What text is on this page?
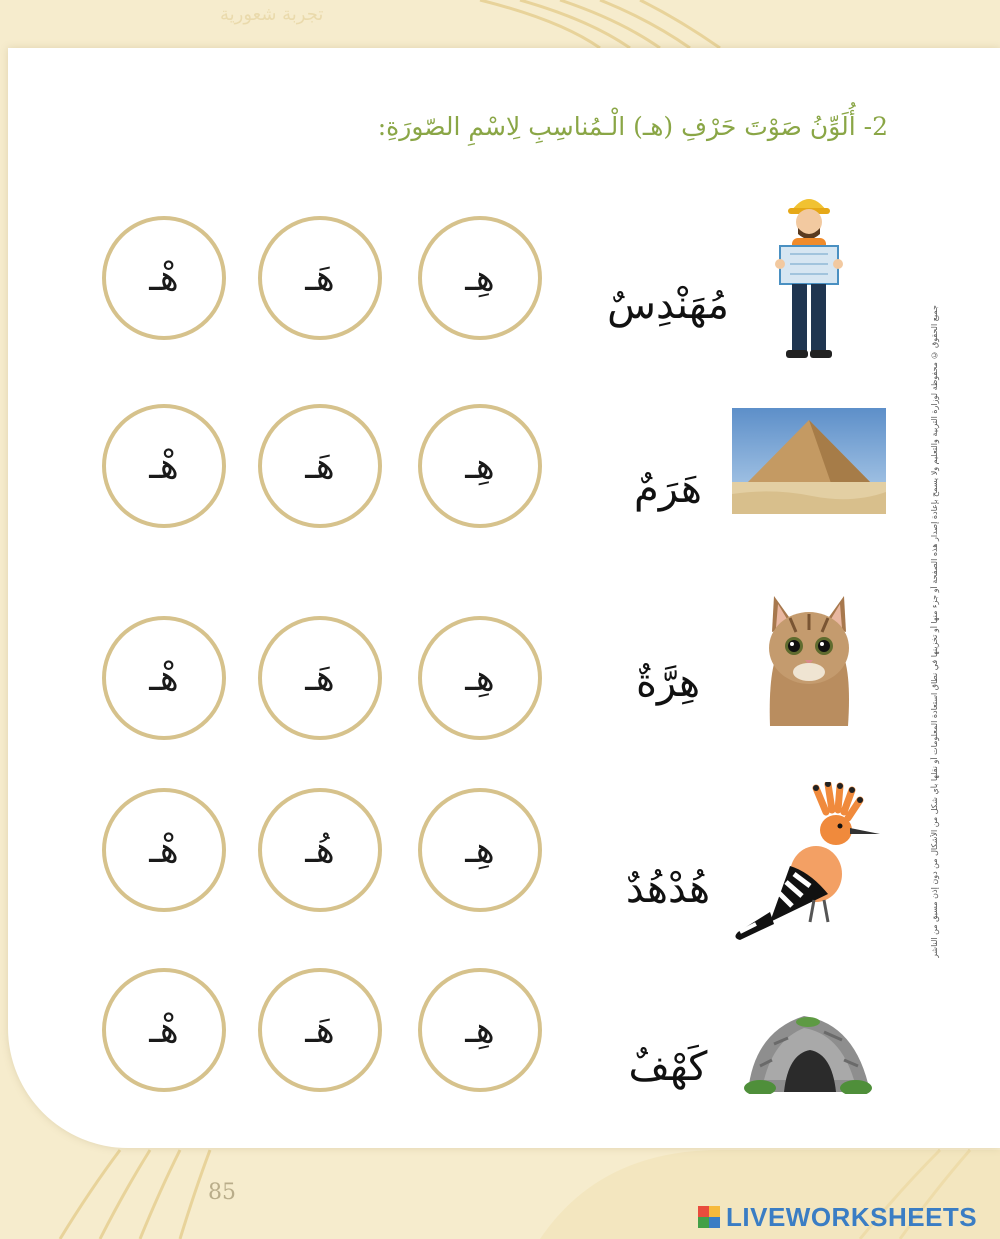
تجربة شعورية
2- أُلَوِّنُ صَوْتَ حَرْفِ (هـ) الْـمُناسِبِ لِاسْمِ الصّورَةِ:
هِـ
هَـ
هْـ
مُهَنْدِسٌ
هِـ
هَـ
هْـ	هَرَمٌ
هِـ
هَـ
هْـ	هِرَّةٌ
هِـ
هُـ
هْـ
هُدْهُدٌ
هِـ
هَـ
هْـ
كَهْفٌ
جميع الحقوق © محفوظة لوزارة التربية والتعليم ولا يسمح بإعادة إصدار هذه الصفحة أو جزء منها أو تخزينها في نطاق استعادة المعلومات أو نقلها بأي شكل من الأشكال من دون إذن مسبق من الناشر
85
LIVEWORKSHEETS
